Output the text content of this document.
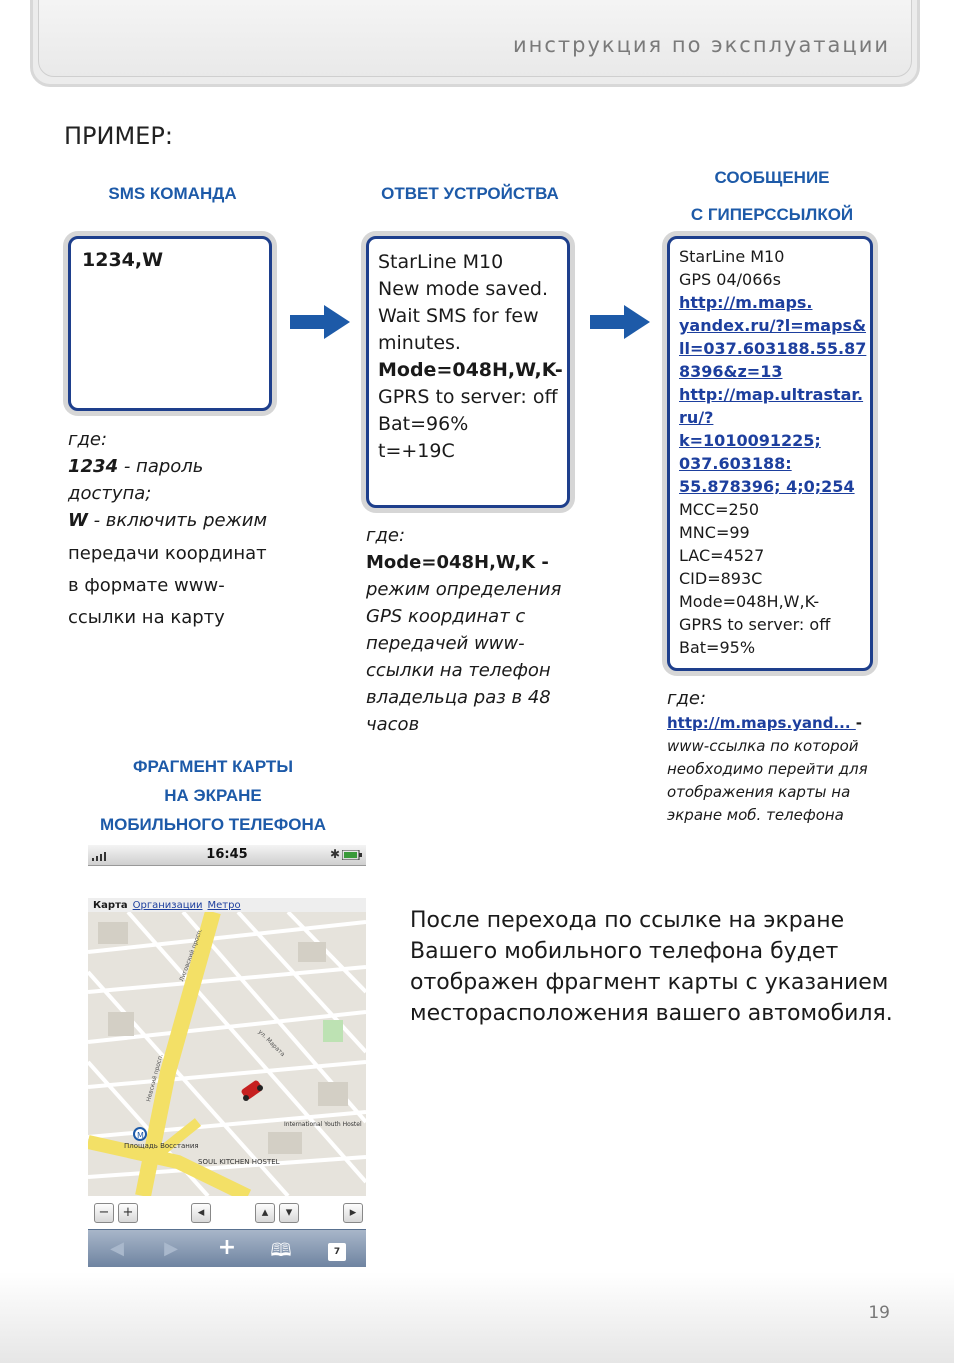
инструкция по эксплуатации
ПРИМЕР:
SMS КОМАНДА	ОТВЕТ УСТРОЙСТВА
СООБЩЕНИЕ
С ГИПЕРССЫЛКОЙ
1234,W	StarLine M10
New mode saved.
Wait SMS for few
minutes.
Mode=048H,W,K-
GPRS to server: off
Bat=96%
t=+19C
StarLine M10
GPS 04/066s
http://m.maps.
yandex.ru/?l=maps&
ll=037.603188.55.87
8396&z=13
http://map.ultrastar.
ru/?
k=1010091225;
037.603188:
55.878396; 4;0;254
MCC=250
MNC=99
LAC=4527
CID=893C
Mode=048H,W,K-
GPRS to server: off
Bat=95%
где:
1234 - пароль
доступа;
W - включить режим
передачи координат
в формате www-
ссылки на карту
где:
Mode=048H,W,K -
режим определения
GPS координат с
передачей www-
ссылки на телефон
владельца раз в 48
часов
где:
http://m.maps.yand... -
www-ссылка по которой
необходимо перейти для
отображения карты на
экране моб. телефона
ФРАГМЕНТ КАРТЫ
НА ЭКРАНЕ
МОБИЛЬНОГО ТЕЛЕФОНА
16:45	✱
Карта Организации Метро
M
Площадь Восстания
SOUL KITCHEN HOSTEL
International Youth Hostel
Лиговский просп.
Невский просп.
ул. Марата
−	+	◂	▴	▾	▸
◀	▶	+	🕮	7
После перехода по ссылке на экране Вашего мобильного телефона будет отображен фрагмент карты с указанием месторасположения вашего автомобиля.
19
